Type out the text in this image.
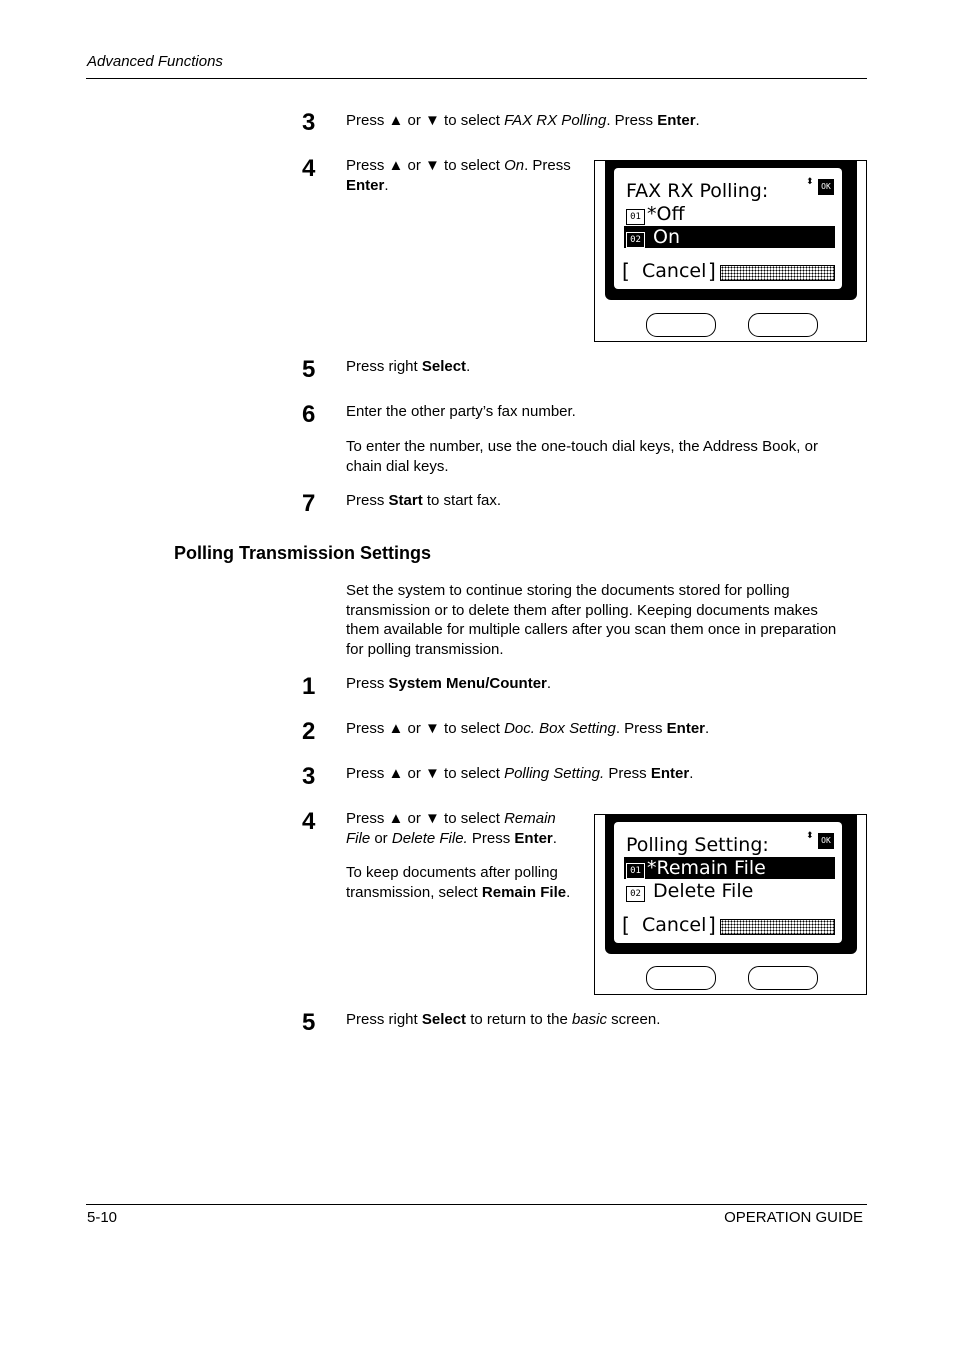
Advanced Functions
3 Press ▲ or ▼ to select FAX RX Polling. Press Enter.
4 Press ▲ or ▼ to select On. Press
Enter.	FAX RX Polling:	⬍ OK
01 *Off
02 On
[ Cancel ]
5 Press right Select.
6 Enter the other party’s fax number.
To enter the number, use the one-touch dial keys, the Address Book, or
chain dial keys.
7 Press Start to start fax.
Polling Transmission Settings
Set the system to continue storing the documents stored for polling
transmission or to delete them after polling. Keeping documents makes
them available for multiple callers after you scan them once in preparation
for polling transmission.
1 Press System Menu/Counter.
2 Press ▲ or ▼ to select Doc. Box Setting. Press Enter.
3 Press ▲ or ▼ to select Polling Setting. Press Enter.
4 Press ▲ or ▼ to select Remain
File or Delete File. Press Enter.
To keep documents after polling
transmission, select Remain File.
Polling Setting:	⬍ OK
01 *Remain File
02 Delete File
[ Cancel ]
5 Press right Select to return to the basic screen.
5-10	OPERATION GUIDE
